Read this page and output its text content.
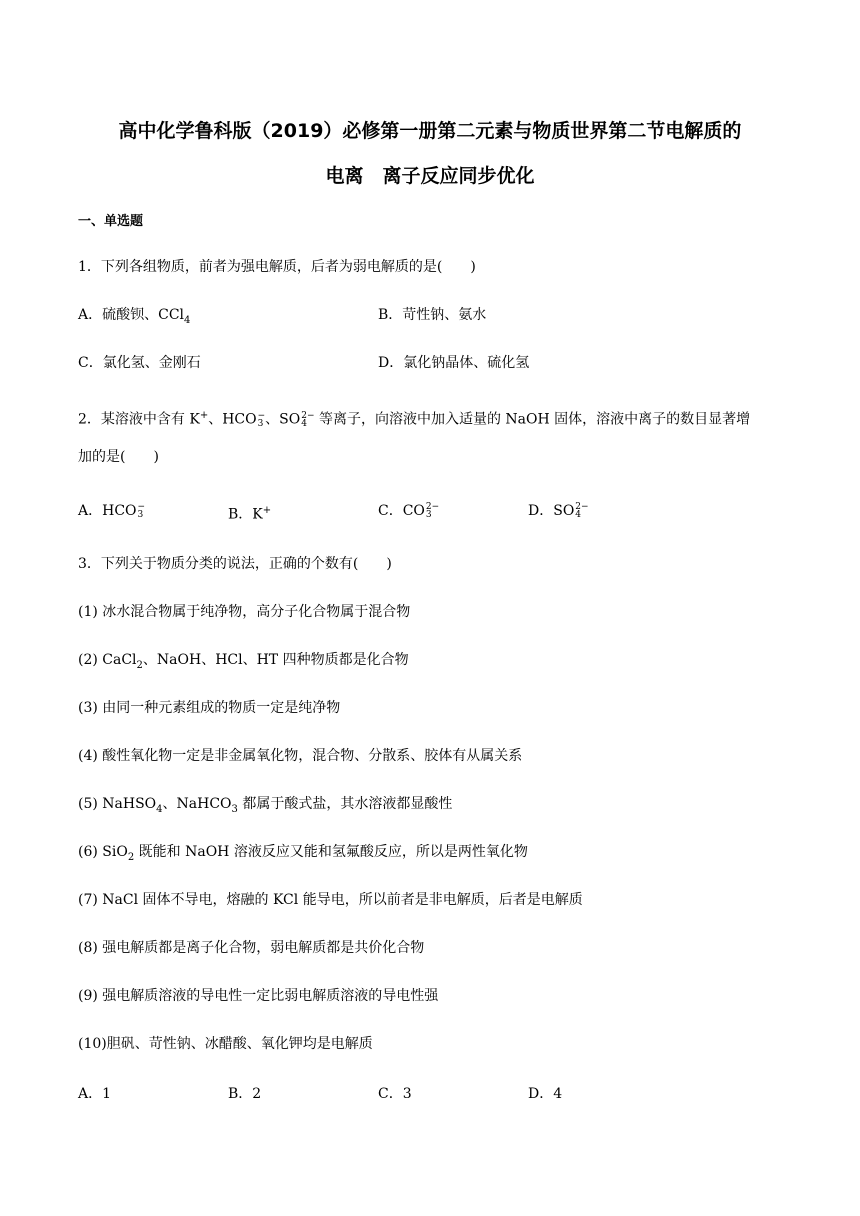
高中化学鲁科版（2019）必修第一册第二元素与物质世界第二节电解质的
电离　离子反应同步优化
一、单选题
1．下列各组物质，前者为强电解质，后者为弱电解质的是(　　)
A．硫酸钡、CCl$_4$	B．苛性钠、氨水
C．氯化氢、金刚石	D．氯化钠晶体、硫化氢
2．某溶液中含有 K+、HCO −
3 、SO 2−
4 等离子，向溶液中加入适量的 NaOH 固体，溶液中离子的数目显著增
加的是(　　)
A．HCO −
3	B．K+	C．CO 2−
3	D．SO 2−
4
3．下列关于物质分类的说法，正确的个数有(　　)
(1) 冰水混合物属于纯净物，高分子化合物属于混合物
(2) CaCl$_2$、NaOH、HCl、HT 四种物质都是化合物
(3) 由同一种元素组成的物质一定是纯净物
(4) 酸性氧化物一定是非金属氧化物，混合物、分散系、胶体有从属关系
(5) NaHSO$_4$、NaHCO$_3$ 都属于酸式盐，其水溶液都显酸性
(6) SiO$_2$ 既能和 NaOH 溶液反应又能和氢氟酸反应，所以是两性氧化物
(7) NaCl 固体不导电，熔融的 KCl 能导电，所以前者是非电解质，后者是电解质
(8) 强电解质都是离子化合物，弱电解质都是共价化合物
(9) 强电解质溶液的导电性一定比弱电解质溶液的导电性强
(10)胆矾、苛性钠、冰醋酸、氧化钾均是电解质
A．1	B．2	C．3	D．4
